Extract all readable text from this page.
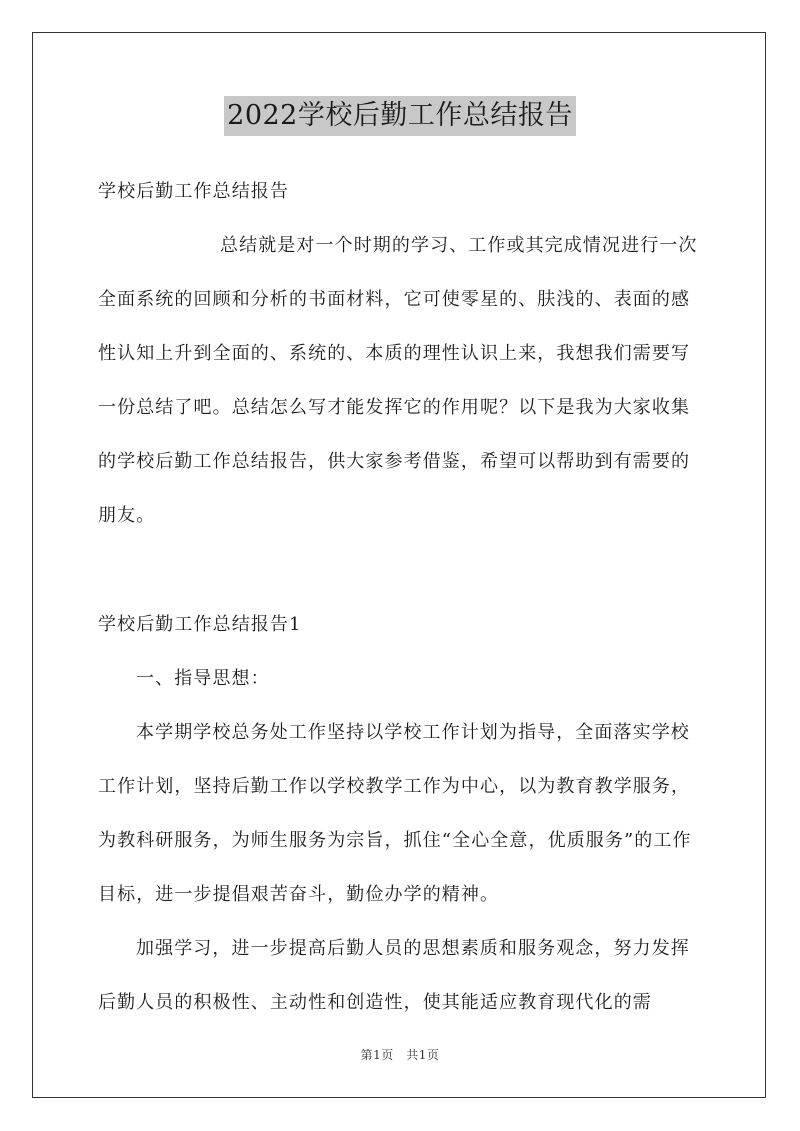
2022学校后勤工作总结报告

学校后勤工作总结报告

总结就是对一个时期的学习、工作或其完成情况进行一次全面系统的回顾和分析的书面材料，它可使零星的、肤浅的、表面的感性认知上升到全面的、系统的、本质的理性认识上来，我想我们需要写一份总结了吧。总结怎么写才能发挥它的作用呢？以下是我为大家收集的学校后勤工作总结报告，供大家参考借鉴，希望可以帮助到有需要的朋友。

学校后勤工作总结报告1

一、指导思想：

本学期学校总务处工作坚持以学校工作计划为指导，全面落实学校工作计划，坚持后勤工作以学校教学工作为中心，以为教育教学服务，为教科研服务，为师生服务为宗旨，抓住“全心全意，优质服务”的工作目标，进一步提倡艰苦奋斗，勤俭办学的精神。

加强学习，进一步提高后勤人员的思想素质和服务观念，努力发挥后勤人员的积极性、主动性和创造性，使其能适应教育现代化的需

第1页　共1页
